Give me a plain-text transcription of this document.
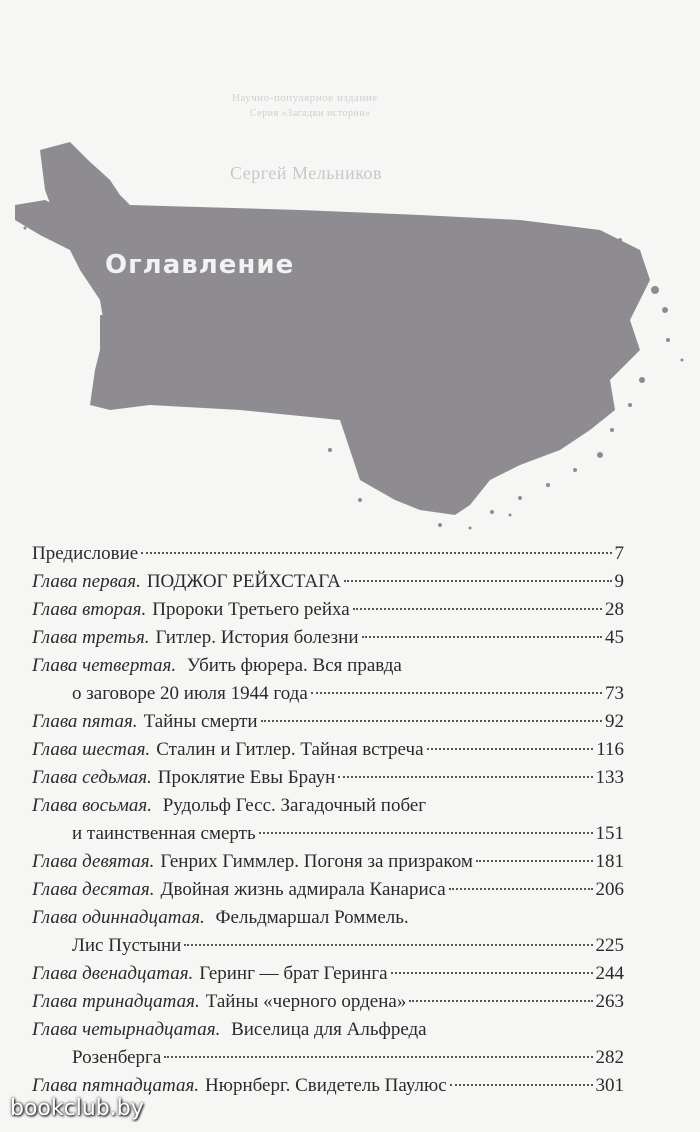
Научно-популярное издание
Серия «Загадки истории»
Сергей Мельников
Оглавление
Предисловие	7
Глава первая. ПОДЖОГ РЕЙХСТАГА	9
Глава вторая. Пророки Третьего рейха	28
Глава третья. Гитлер. История болезни	45
Глава четвертая. Убить фюрера. Вся правда
о заговоре 20 июля 1944 года	73
Глава пятая. Тайны смерти	92
Глава шестая. Сталин и Гитлер. Тайная встреча	116
Глава седьмая. Проклятие Евы Браун	133
Глава восьмая. Рудольф Гесс. Загадочный побег
и таинственная смерть	151
Глава девятая. Генрих Гиммлер. Погоня за призраком	181
Глава десятая. Двойная жизнь адмирала Канариса	206
Глава одиннадцатая. Фельдмаршал Роммель.
Лис Пустыни	225
Глава двенадцатая. Геринг — брат Геринга	244
Глава тринадцатая. Тайны «черного ордена»	263
Глава четырнадцатая. Виселица для Альфреда
Розенберга	282
Глава пятнадцатая. Нюрнберг. Свидетель Паулюс	301
bookclub.by
